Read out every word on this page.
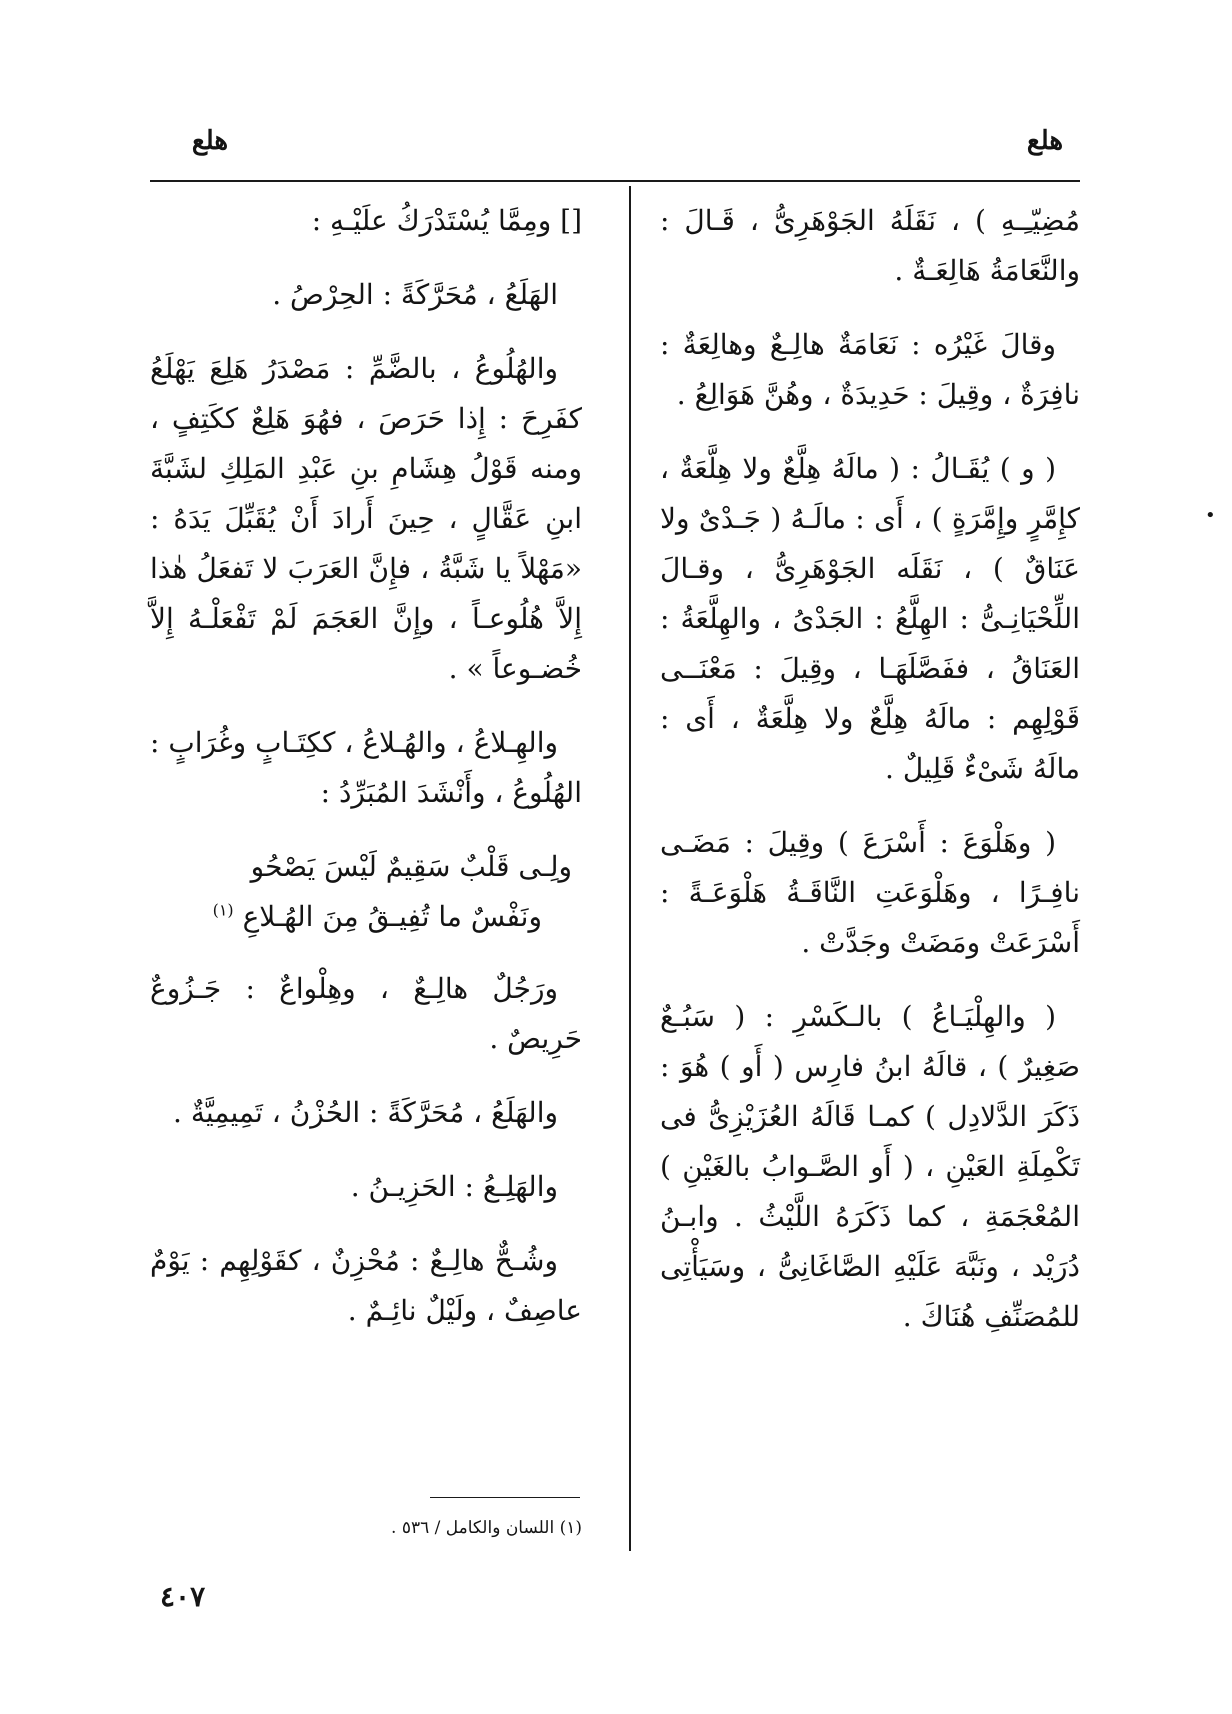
هلع
هلع

مُضِيّـِـهِ ) ، نَقَلَهُ الجَوْهَرِىُّ ، قَـالَ : والنَّعَامَةُ هَالِعَـةٌ .

وقالَ غَيْرُه : نَعَامَةٌ هالِـعٌ وهالِعَةٌ : نافِرَةٌ ، وقِيلَ : حَدِيدَةٌ ، وهُنَّ هَوَالِعُ .

( و ) يُقَـالُ : ( مالَهُ هِلَّعٌ ولا هِلَّعَةٌ ، كإِمَّرٍ وإِمَّرَةٍ ) ، أَى : مالَـهُ ( جَـدْىٌ ولا عَنَاقٌ ) ، نَقَلَه الجَوْهَرِىُّ ، وقـالَ اللِّحْيَانِـىُّ : الهِلَّعُ : الجَدْىُ ، والهِلَّعَةُ : العَنَاقُ ، ففَصَّلَهَـا ، وقِيلَ : مَعْنَــى قَوْلِهِم : مالَهُ هِلَّعٌ ولا هِلَّعَةٌ ، أَى : مالَهُ شَىْءٌ قَلِيلٌ .

( وهَلْوَعَ : أَسْرَعَ ) وقِيلَ : مَضَـى نافِـرًا ، وهَلْوَعَتِ النَّاقَـةُ هَلْوَعَـةً : أَسْرَعَتْ ومَضَتْ وجَدَّتْ .

( والهِلْيَـاعُ ) بالـكَسْرِ : ( سَبُـعٌ صَغِيرٌ ) ، قالَهُ ابنُ فارِس ( أَو ) هُوَ : ذَكَرَ الدَّلادِل ) كمـا قَالَهُ العُزَيْزِىُّ فى تَكْمِلَةِ العَيْنِ ، ( أَو الصَّـوابُ بالغَيْنِ ) المُعْجَمَةِ ، كما ذَكَرَهُ اللَّيْثُ . وابـنُ دُرَيْد ، ونَبَّهَ عَلَيْهِ الصَّاغَانِىُّ ، وسَيَأْتِى للمُصَنِّفِ هُنَاكَ .

[] ومِمَّا يُسْتَدْرَكُ علَيْـهِ :

الهَلَعُ ، مُحَرَّكَةً : الحِرْصُ .

والهُلُوعُ ، بالضَّمِّ : مَصْدَرُ هَلِعَ يَهْلَعُ كفَرِحَ : إِذا حَرَصَ ، فهُوَ هَلِعٌ ككَتِفٍ ، ومنه قَوْلُ هِشَامِ بنِ عَبْدِ المَلِكِ لشَبَّةَ ابنِ عَقَّالٍ ، حِينَ أَرادَ أَنْ يُقَبِّلَ يَدَهُ : «مَهْلاً يا شَبَّةُ ، فإِنَّ العَرَبَ لا تَفعَلُ هٰذا إِلاَّ هُلُوعـاً ، وإِنَّ العَجَمَ لَمْ تَفْعَلْـهُ إِلاَّ خُضـوعاً » .

والهِـلاعُ ، والهُـلاعُ ، ككِتَـابٍ وغُرَابٍ : الهُلُوعُ ، وأَنْشَدَ المُبَرِّدُ :

ولِـى قَلْبٌ سَقِيمٌ لَيْسَ يَصْحُو
ونَفْسٌ ما تُفِيـقُ مِنَ الهُـلاعِ $^{(١)}$

ورَجُلٌ هالِـعٌ ، وهِلْواعٌ : جَـزُوعٌ حَرِيصٌ .

والهَلَعُ ، مُحَرَّكَةً : الحُزْنُ ، تَمِيمِيَّةٌ .

والهَلِـعُ : الحَزِيـنُ .

وشُـحٌّ هالِـعٌ : مُحْزِنٌ ، كقَوْلِهِم : يَوْمٌ عاصِفٌ ، ولَيْلٌ نائِـمٌ .

(١) اللسان والكامل / ٥٣٦ .
٤٠٧
•
